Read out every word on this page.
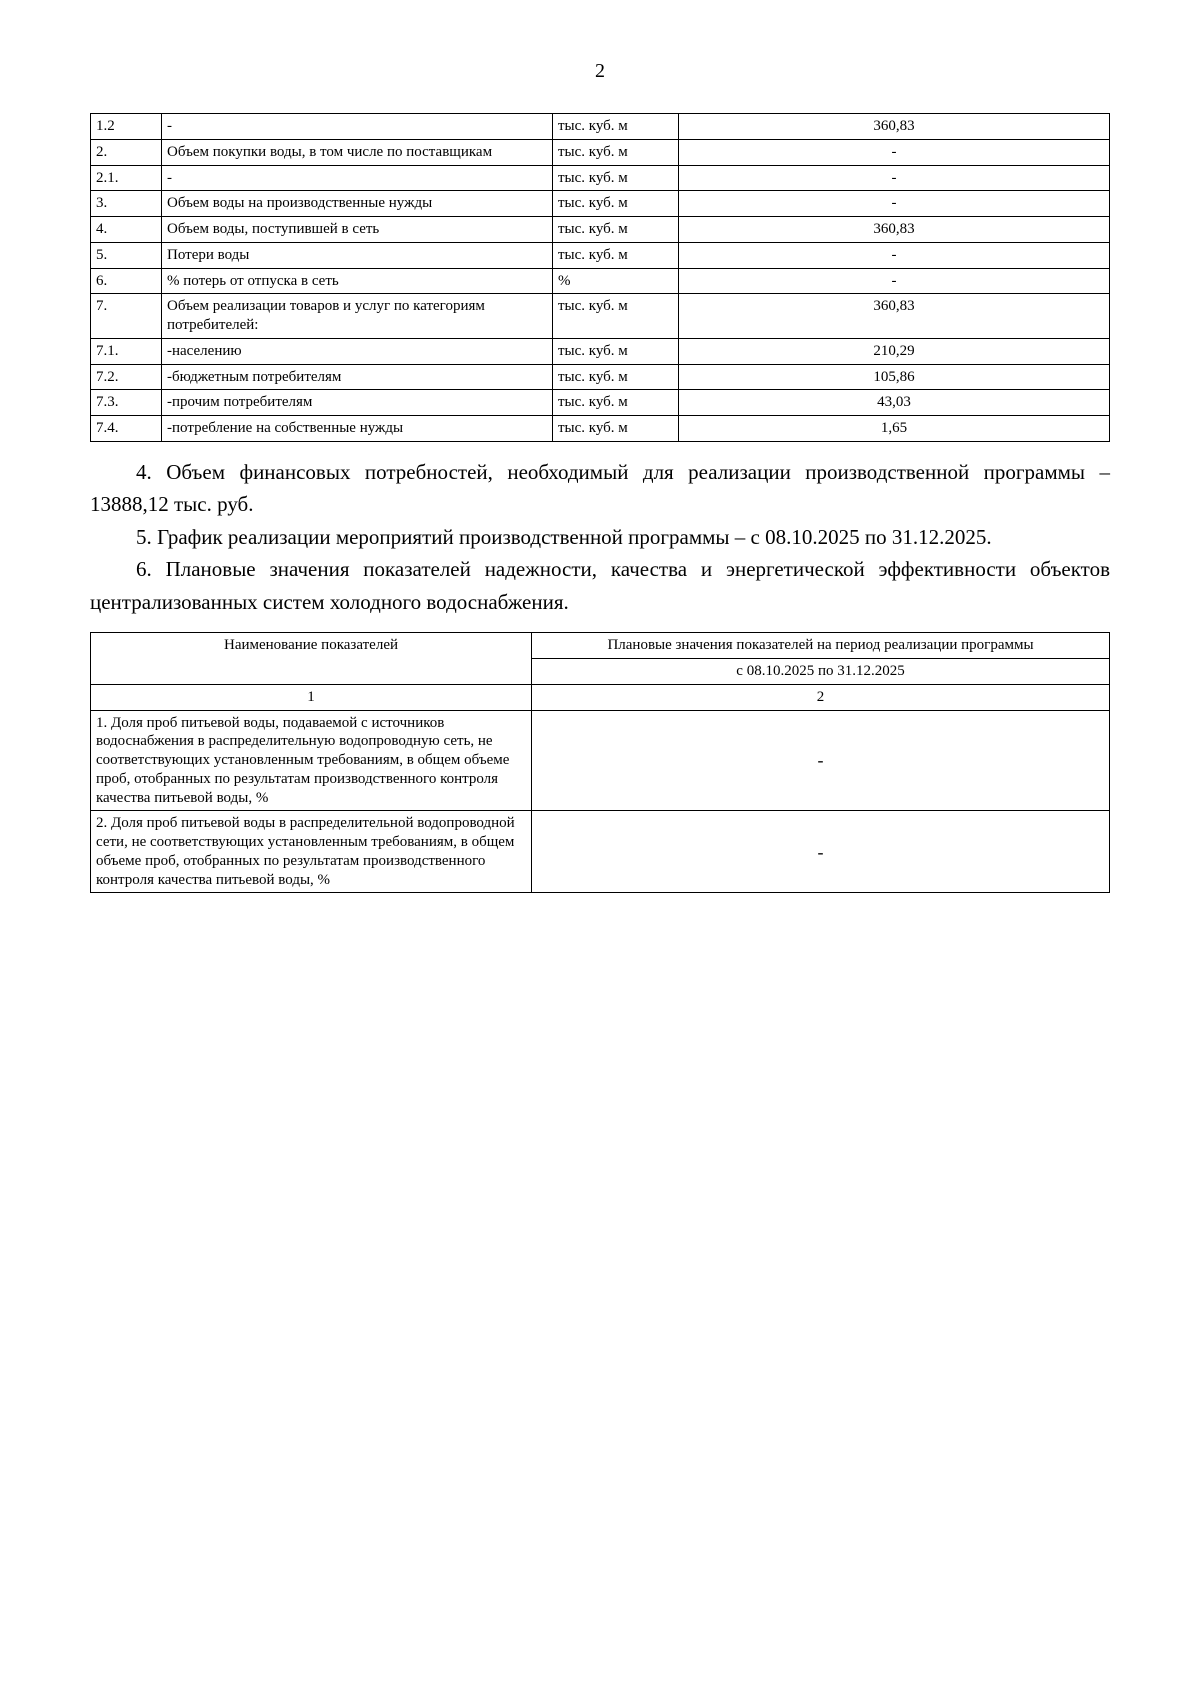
2
1.2	-	тыс. куб. м	360,83
2.	Объем покупки воды, в том числе по поставщикам	тыс. куб. м	-
2.1.	-	тыс. куб. м	-
3.	Объем воды на производственные нужды	тыс. куб. м	-
4.	Объем воды, поступившей в сеть	тыс. куб. м	360,83
5.	Потери воды	тыс. куб. м	-
6.	% потерь от отпуска в сеть	%	-
7.	Объем реализации товаров и услуг по категориям потребителей:	тыс. куб. м	360,83
7.1.	-населению	тыс. куб. м	210,29
7.2.	-бюджетным потребителям	тыс. куб. м	105,86
7.3.	-прочим потребителям	тыс. куб. м	43,03
7.4.	-потребление на собственные нужды	тыс. куб. м	1,65

4. Объем финансовых потребностей, необходимый для реализации производственной программы – 13888,12 тыс. руб.

5. График реализации мероприятий производственной программы – с 08.10.2025 по 31.12.2025.

6. Плановые значения показателей надежности, качества и энергетической эффективности объектов централизованных систем холодного водоснабжения.

Наименование показателей	Плановые значения показателей на период реализации программы
	с 08.10.2025 по 31.12.2025
1	2
1. Доля проб питьевой воды, подаваемой с источников водоснабжения в распределительную водопроводную сеть, не соответствующих установленным требованиям, в общем объеме проб, отобранных по результатам производственного контроля качества питьевой воды, %	-
2. Доля проб питьевой воды в распределительной водопроводной сети, не соответствующих установленным требованиям, в общем объеме проб, отобранных по результатам производственного контроля качества питьевой воды, %	-
